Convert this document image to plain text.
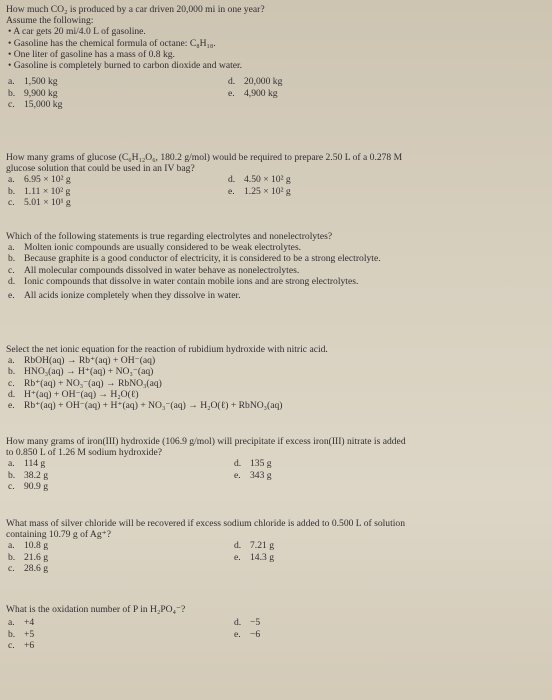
How much CO₂ is produced by a car driven 20,000 mi in one year?
Assume the following:
• A car gets 20 mi/4.0 L of gasoline.
• Gasoline has the chemical formula of octane: C₈H₁₈.
• One liter of gasoline has a mass of 0.8 kg.
• Gasoline is completely burned to carbon dioxide and water.
a. 1,500 kg	d. 20,000 kg
b. 9,900 kg	e. 4,900 kg
c. 15,000 kg
How many grams of glucose (C₆H₁₂O₆, 180.2 g/mol) would be required to prepare 2.50 L of a 0.278 M
glucose solution that could be used in an IV bag?
a. 6.95 × 10² g	d. 4.50 × 10² g
b. 1.11 × 10² g	e. 1.25 × 10² g
c. 5.01 × 10¹ g
Which of the following statements is true regarding electrolytes and nonelectrolytes?
a. Molten ionic compounds are usually considered to be weak electrolytes.
b. Because graphite is a good conductor of electricity, it is considered to be a strong electrolyte.
c. All molecular compounds dissolved in water behave as nonelectrolytes.
d. Ionic compounds that dissolve in water contain mobile ions and are strong electrolytes.
e. All acids ionize completely when they dissolve in water.
Select the net ionic equation for the reaction of rubidium hydroxide with nitric acid.
a. RbOH(aq) → Rb⁺(aq) + OH⁻(aq)
b. HNO₃(aq) → H⁺(aq) + NO₃⁻(aq)
c. Rb⁺(aq) + NO₃⁻(aq) → RbNO₃(aq)
d. H⁺(aq) + OH⁻(aq) → H₂O(ℓ)
e. Rb⁺(aq) + OH⁻(aq) + H⁺(aq) + NO₃⁻(aq) → H₂O(ℓ) + RbNO₃(aq)
How many grams of iron(III) hydroxide (106.9 g/mol) will precipitate if excess iron(III) nitrate is added
to 0.850 L of 1.26 M sodium hydroxide?
a. 114 g	d. 135 g
b. 38.2 g	e. 343 g
c. 90.9 g
What mass of silver chloride will be recovered if excess sodium chloride is added to 0.500 L of solution
containing 10.79 g of Ag⁺?
a. 10.8 g	d. 7.21 g
b. 21.6 g	e. 14.3 g
c. 28.6 g
What is the oxidation number of P in H₂PO₄⁻?
a. +4	d. −5
b. +5	e. −6
c. +6
